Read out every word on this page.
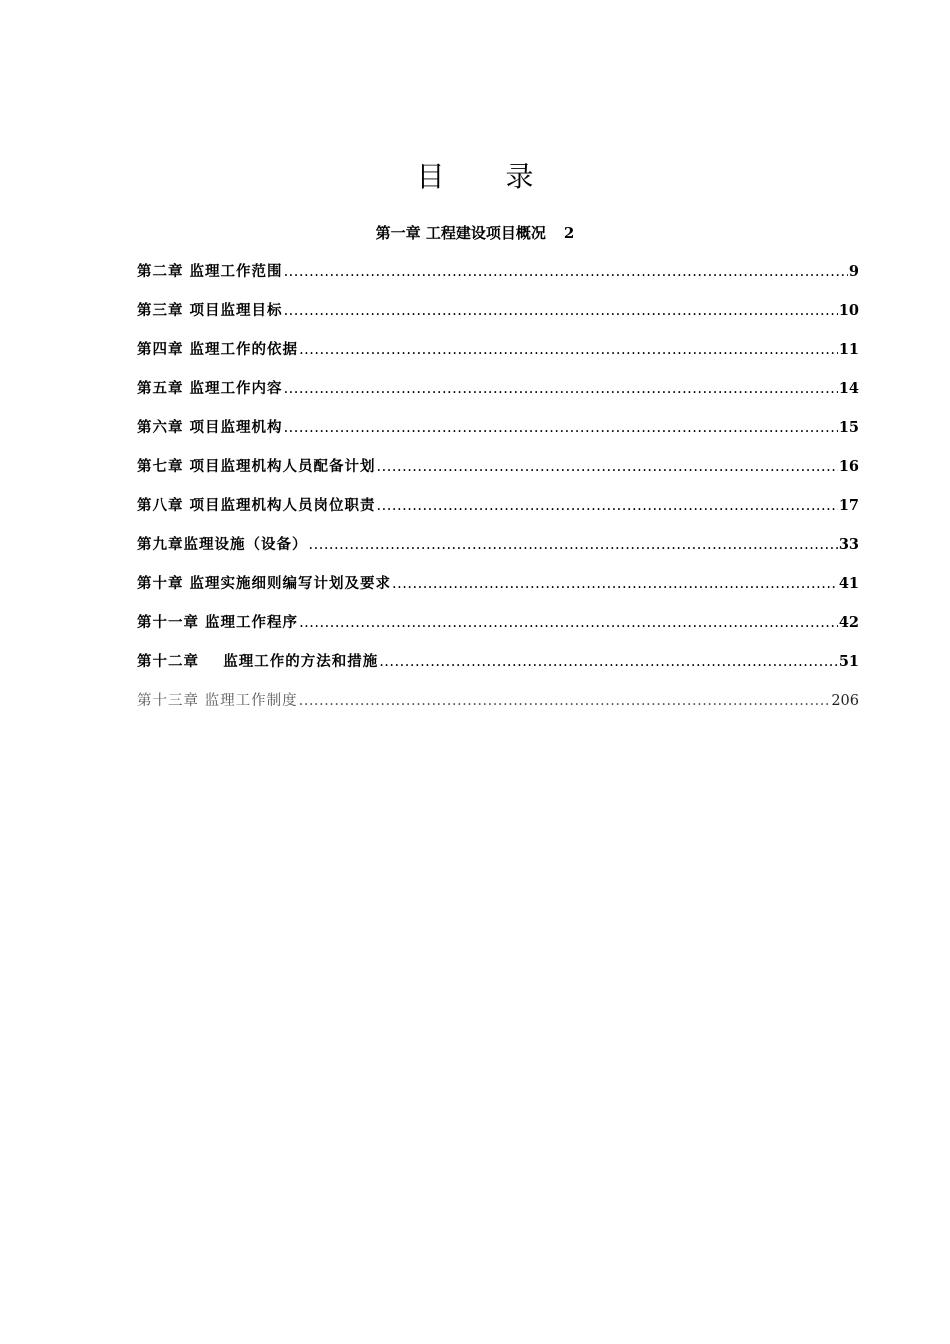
目 录
第一章 工程建设项目概况 2
第二章 监理工作范围 .....	9
第三章 项目监理目标 .....	10
第四章 监理工作的依据 .....	11
第五章 监理工作内容 .....	14
第六章 项目监理机构 .....	15
第七章 项目监理机构人员配备计划 .....	16
第八章 项目监理机构人员岗位职责 .....	17
第九章监理设施（设备） .....	33
第十章 监理实施细则编写计划及要求 .....	41
第十一章 监理工作程序 .....	42
第十二章    监理工作的方法和措施 .....	51
第十三章 监理工作制度 .....	206
